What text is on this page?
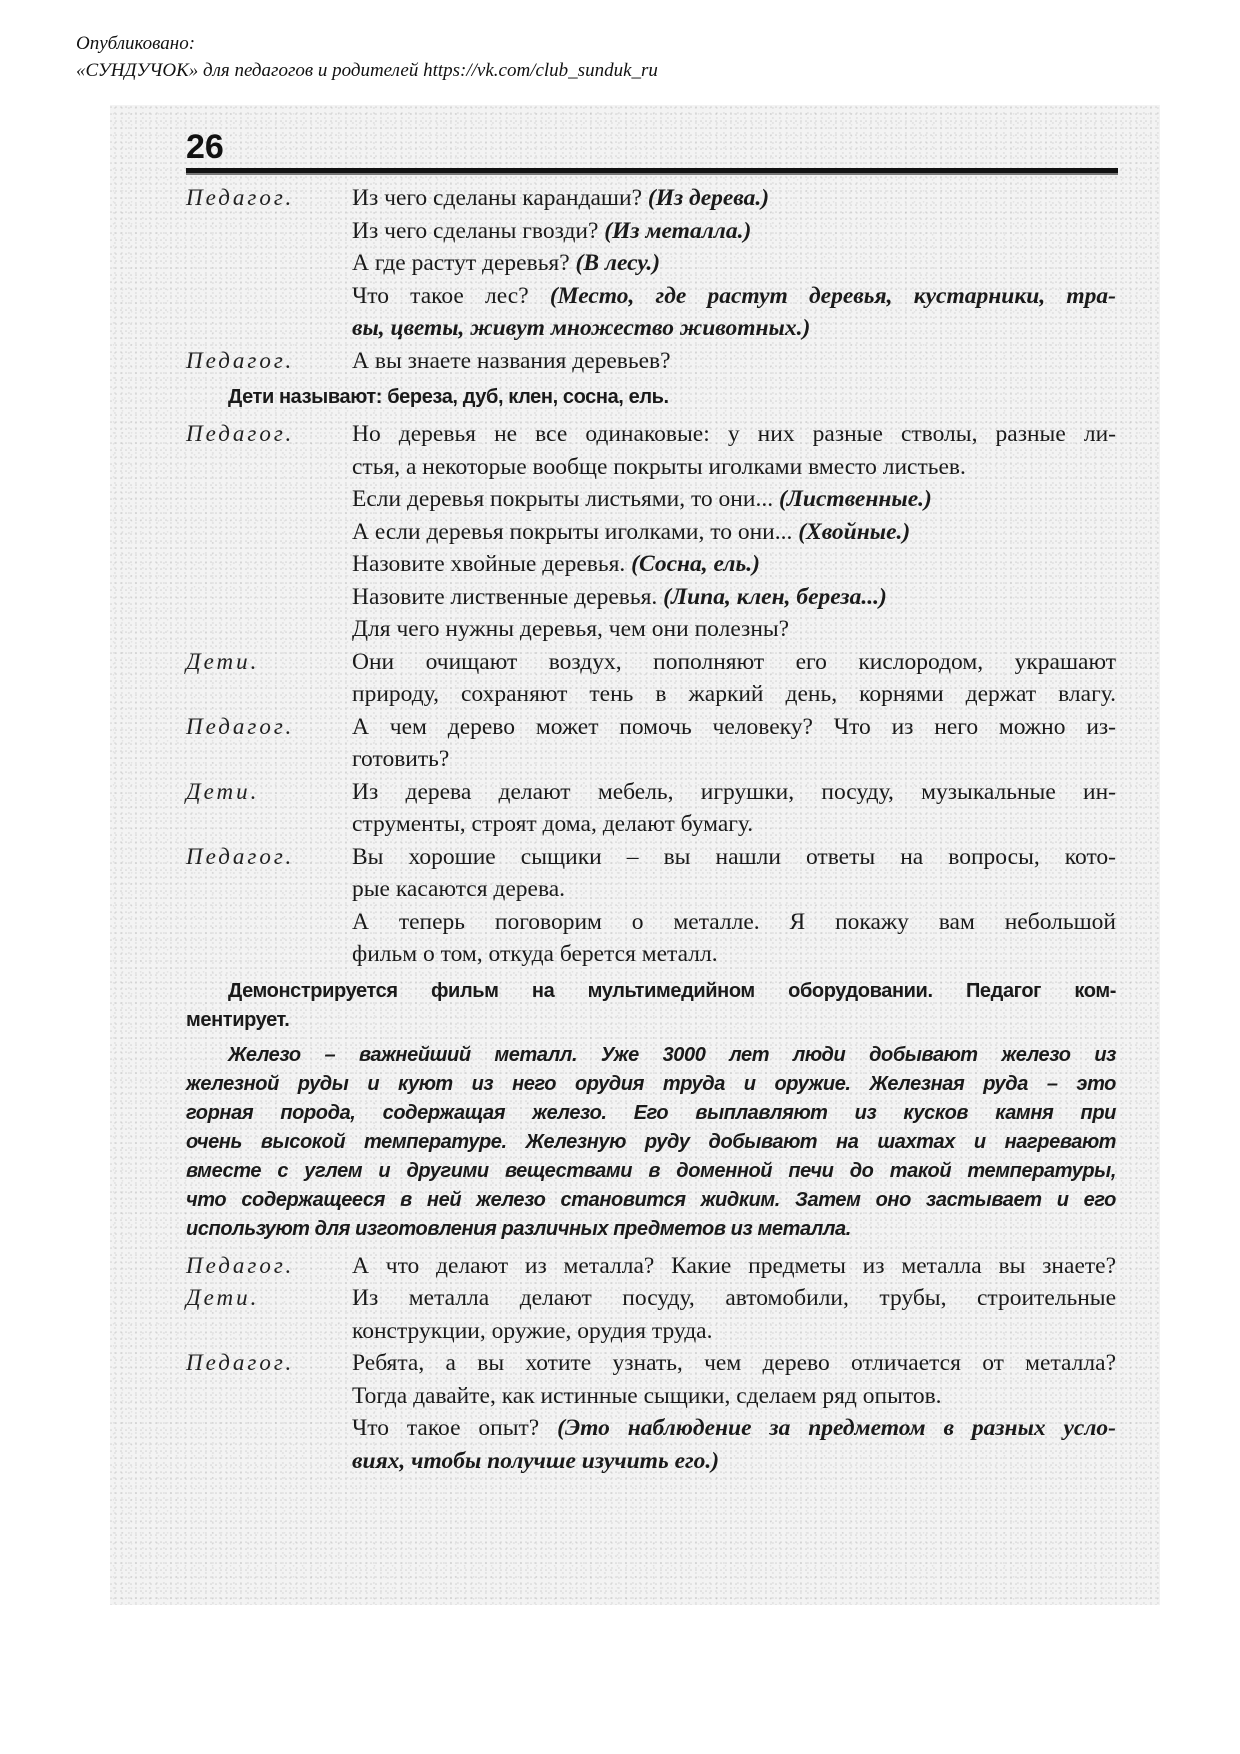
Опубликовано:
«СУНДУЧОК» для педагогов и родителей https://vk.com/club_sunduk_ru
26
Педагог.	Из чего сделаны карандаши? (Из дерева.)
Из чего сделаны гвозди? (Из металла.)
А где растут деревья? (В лесу.)
Что такое лес? (Место, где растут деревья, кустарники, тра-
вы, цветы, живут множество животных.)
Педагог.	А вы знаете названия деревьев?
Дети называют: береза, дуб, клен, сосна, ель.
Педагог.	Но деревья не все одинаковые: у них разные стволы, разные ли-
стья, а некоторые вообще покрыты иголками вместо листьев.
Если деревья покрыты листьями, то они... (Лиственные.)
А если деревья покрыты иголками, то они... (Хвойные.)
Назовите хвойные деревья. (Сосна, ель.)
Назовите лиственные деревья. (Липа, клен, береза...)
Для чего нужны деревья, чем они полезны?
Дети.	Они очищают воздух, пополняют его кислородом, украшают
природу, сохраняют тень в жаркий день, корнями держат влагу.
Педагог.	А чем дерево может помочь человеку? Что из него можно из-
готовить?
Дети.	Из дерева делают мебель, игрушки, посуду, музыкальные ин-
струменты, строят дома, делают бумагу.
Педагог.	Вы хорошие сыщики – вы нашли ответы на вопросы, кото-
рые касаются дерева.
А теперь поговорим о металле. Я покажу вам небольшой
фильм о том, откуда берется металл.
Демонстрируется фильм на мультимедийном оборудовании. Педагог ком-
ментирует.
Железо – важнейший металл. Уже 3000 лет люди добывают железо из
железной руды и куют из него орудия труда и оружие. Железная руда – это
горная порода, содержащая железо. Его выплавляют из кусков камня при
очень высокой температуре. Железную руду добывают на шахтах и нагревают
вместе с углем и другими веществами в доменной печи до такой температуры,
что содержащееся в ней железо становится жидким. Затем оно застывает и его
используют для изготовления различных предметов из металла.
Педагог.	А что делают из металла? Какие предметы из металла вы знаете?
Дети.	Из металла делают посуду, автомобили, трубы, строительные
конструкции, оружие, орудия труда.
Педагог.	Ребята, а вы хотите узнать, чем дерево отличается от металла?
Тогда давайте, как истинные сыщики, сделаем ряд опытов.
Что такое опыт? (Это наблюдение за предметом в разных усло-
виях, чтобы получше изучить его.)
